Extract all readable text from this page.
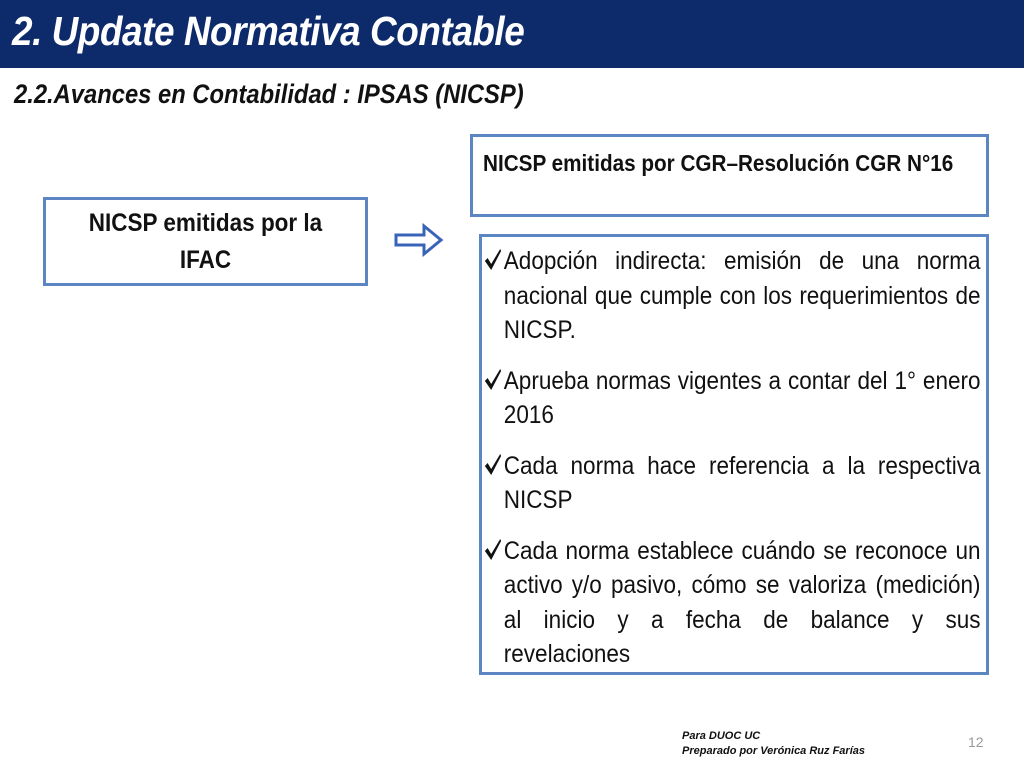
2. Update Normativa Contable
2.2.Avances en Contabilidad : IPSAS (NICSP)
NICSP emitidas por la IFAC
NICSP emitidas por CGR–Resolución CGR N°16
Adopción indirecta: emisión de una norma nacional que cumple con los requerimientos de NICSP.
Aprueba normas vigentes a contar del 1° enero 2016
Cada norma hace referencia a la respectiva NICSP
Cada norma establece cuándo se reconoce un activo y/o pasivo, cómo se valoriza (medición) al inicio y a fecha de balance y sus revelaciones
Para DUOC UC
Preparado por Verónica Ruz Farías
12
